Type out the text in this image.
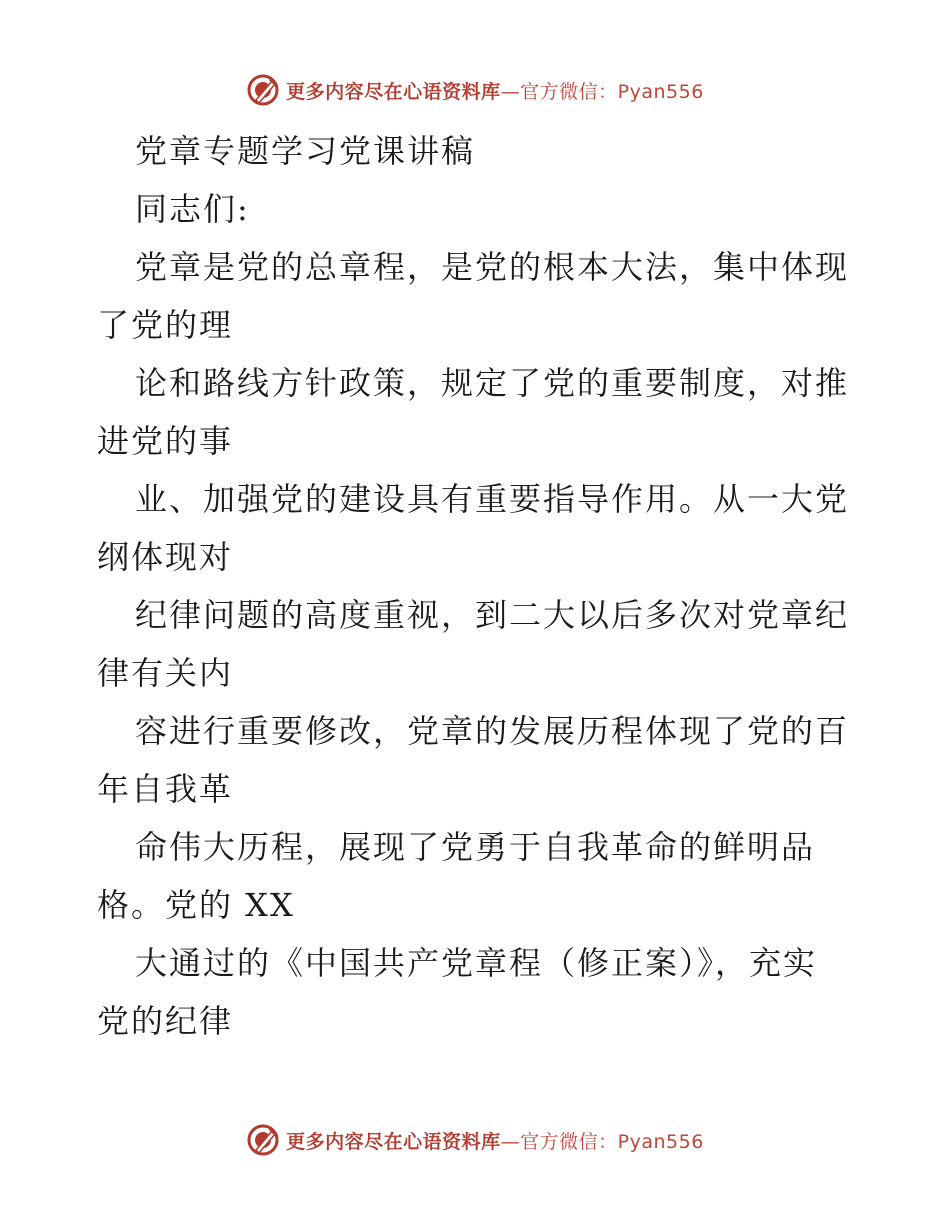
更多内容尽在心语资料库—官方微信：Pyan556
党章专题学习党课讲稿
同志们:
党章是党的总章程，是党的根本大法，集中体现
了党的理
论和路线方针政策，规定了党的重要制度，对推
进党的事
业、加强党的建设具有重要指导作用。从一大党
纲体现对
纪律问题的高度重视，到二大以后多次对党章纪
律有关内
容进行重要修改，党章的发展历程体现了党的百
年自我革
命伟大历程，展现了党勇于自我革命的鲜明品
格。党的 XX
大通过的《中国共产党章程（修正案）》，充实
党的纪律
更多内容尽在心语资料库—官方微信：Pyan556
